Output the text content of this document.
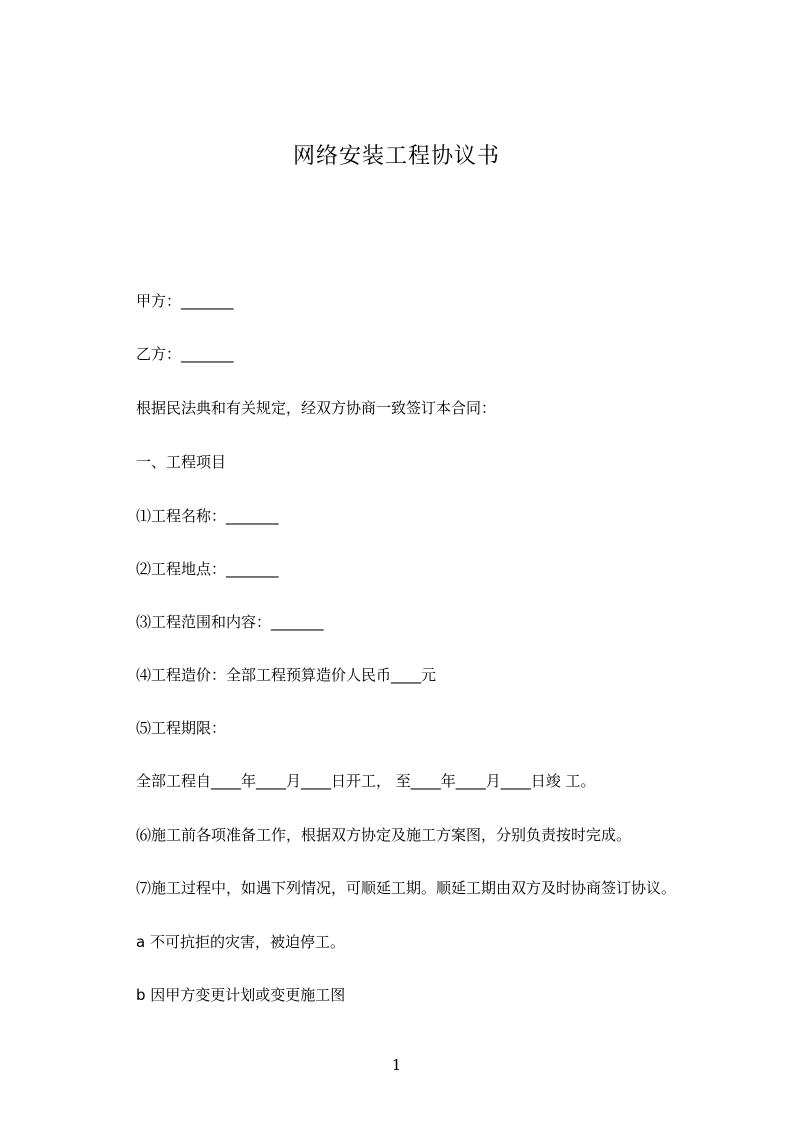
网络安装工程协议书
甲方：_______
乙方：_______
根据民法典和有关规定，经双方协商一致签订本合同：
一、工程项目
⑴工程名称：_______
⑵工程地点：_______
⑶工程范围和内容：_______
⑷工程造价：全部工程预算造价人民币____元
⑸工程期限：
全部工程自____年____月____日开工， 至____年____月____日竣 工。
⑹施工前各项准备工作，根据双方协定及施工方案图，分别负责按时完成。
⑺施工过程中，如遇下列情况，可顺延工期。顺延工期由双方及时协商签订协议。
a 不可抗拒的灾害，被迫停工。
b 因甲方变更计划或变更施工图
1
